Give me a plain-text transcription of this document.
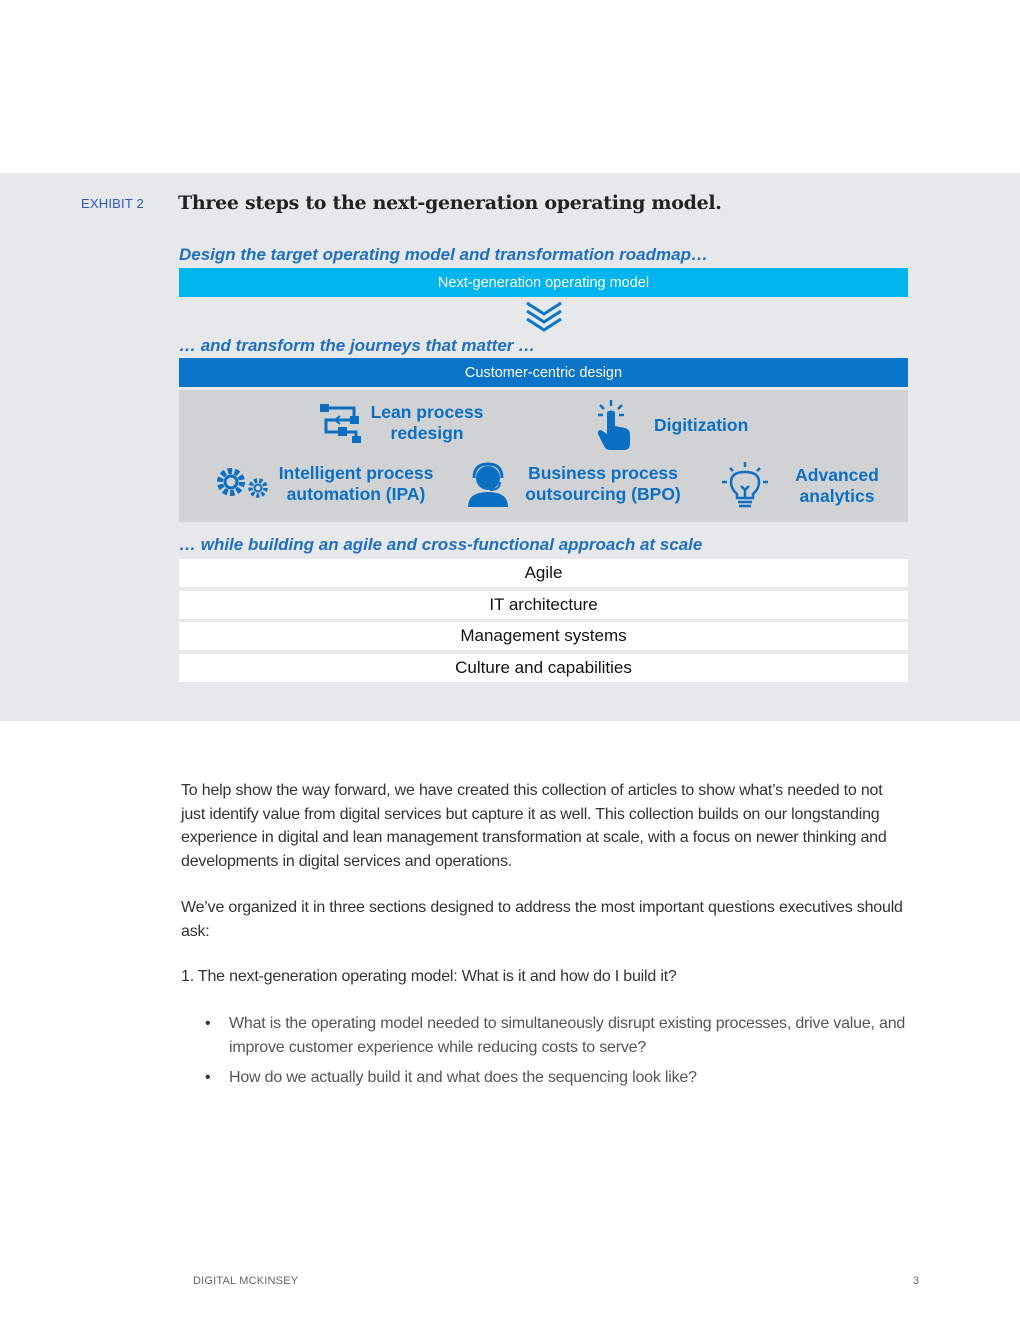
EXHIBIT 2 Three steps to the next-generation operating model.
Design the target operating model and transformation roadmap…
Next-generation operating model
… and transform the journeys that matter …
Customer-centric design
Lean process
redesign	Digitization
Intelligent process
automation (IPA)
Business process
outsourcing (BPO)
Advanced
analytics
… while building an agile and cross-functional approach at scale
Agile
IT architecture
Management systems
Culture and capabilities
To help show the way forward, we have created this collection of articles to show what’s needed to not just identify value from digital services but capture it as well. This collection builds on our longstanding experience in digital and lean management transformation at scale, with a focus on newer thinking and developments in digital services and operations.
We’ve organized it in three sections designed to address the most important questions executives should ask:
1. The next-generation operating model: What is it and how do I build it?
• What is the operating model needed to simultaneously disrupt existing processes, drive value, and improve customer experience while reducing costs to serve?
• How do we actually build it and what does the sequencing look like?
DIGITAL MCKINSEY	3
